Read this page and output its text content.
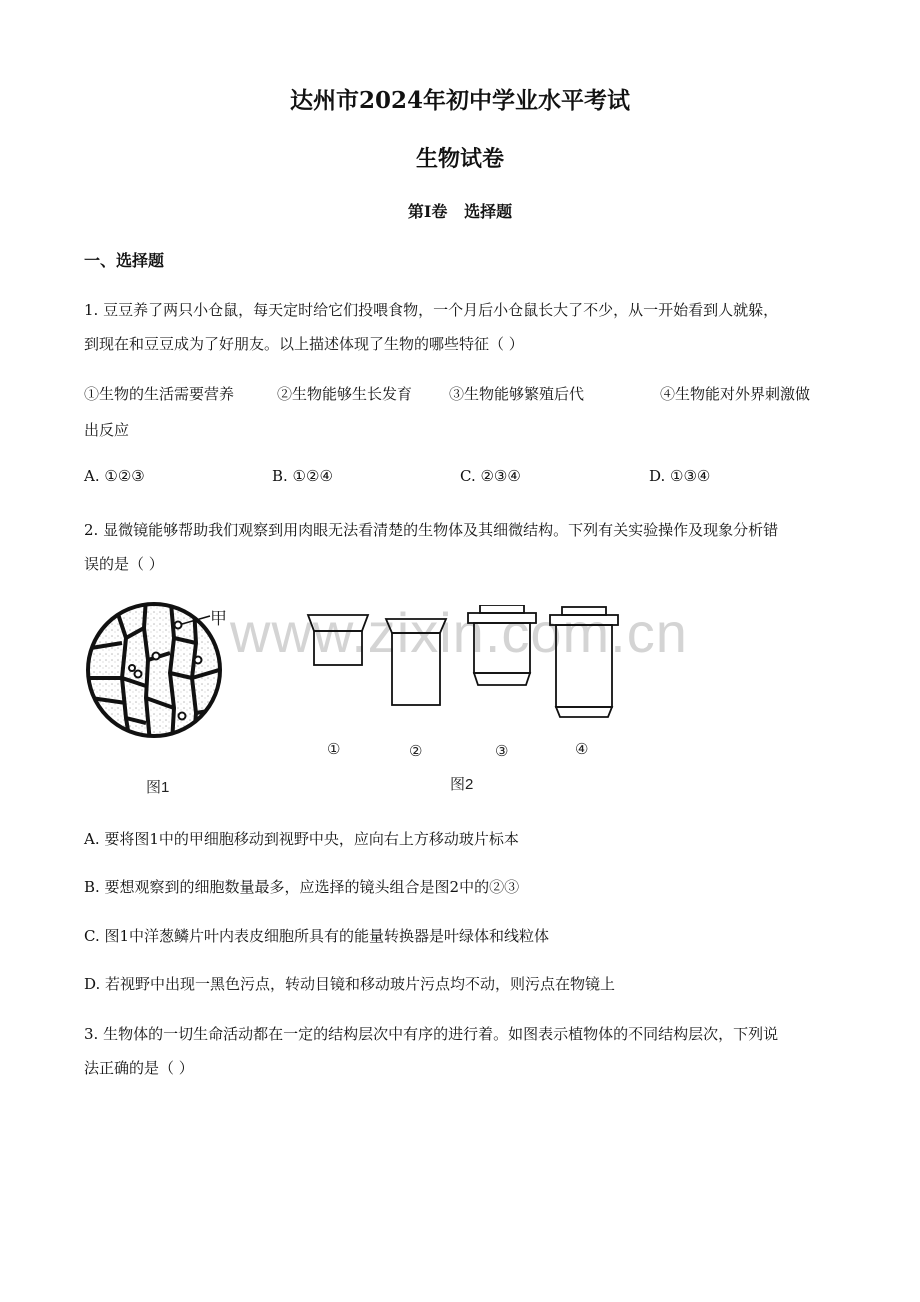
达州市2024年初中学业水平考试
生物试卷
第I卷   选择题
一、选择题
1. 豆豆养了两只小仓鼠，每天定时给它们投喂食物，一个月后小仓鼠长大了不少，从一开始看到人就躲，
到现在和豆豆成为了好朋友。以上描述体现了生物的哪些特征（ ）
①生物的生活需要营养	②生物能够生长发育 ③生物能够繁殖后代	④生物能对外界刺激做
出反应
A. ①②③	B. ①②④	C. ②③④	D. ①③④
2. 显微镜能够帮助我们观察到用肉眼无法看清楚的生物体及其细微结构。下列有关实验操作及现象分析错
误的是（ ）
甲
图1
www.zixin.com.cn
①	②	③	④
图2
A. 要将图1中的甲细胞移动到视野中央，应向右上方移动玻片标本
B. 要想观察到的细胞数量最多，应选择的镜头组合是图2中的②③
C. 图1中洋葱鳞片叶内表皮细胞所具有的能量转换器是叶绿体和线粒体
D. 若视野中出现一黑色污点，转动目镜和移动玻片污点均不动，则污点在物镜上
3. 生物体的一切生命活动都在一定的结构层次中有序的进行着。如图表示植物体的不同结构层次，下列说
法正确的是（ ）
